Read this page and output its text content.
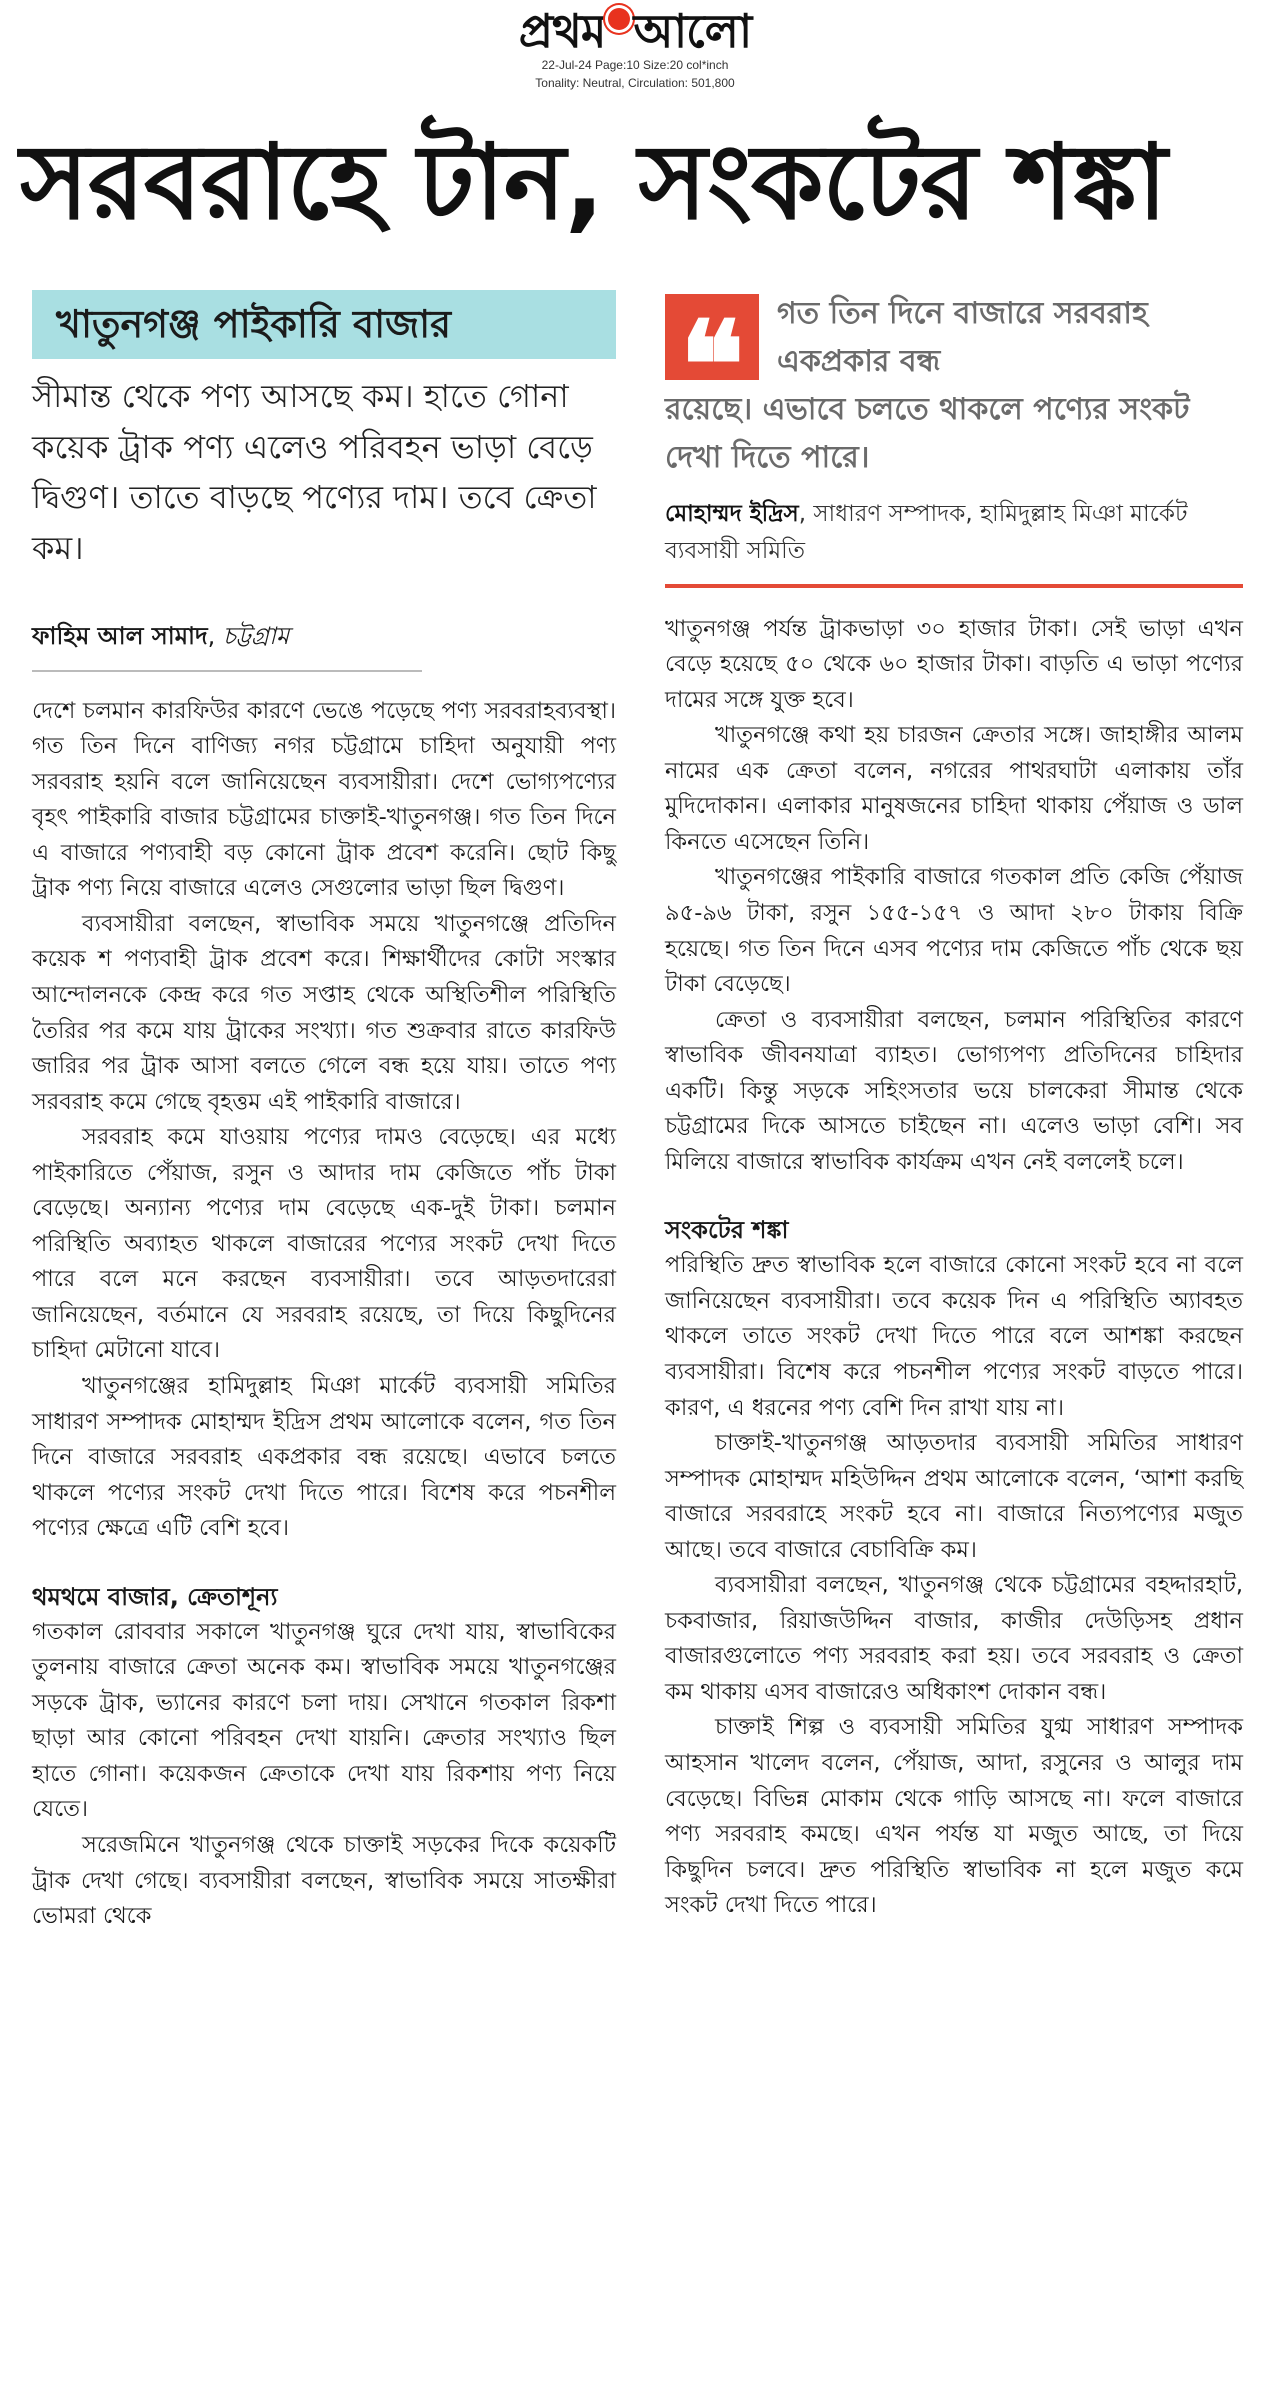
প্রথম আলো
22-Jul-24 Page:10 Size:20 col*inch
Tonality: Neutral, Circulation: 501,800
সরবরাহে টান, সংকটের শঙ্কা
খাতুনগঞ্জ পাইকারি বাজার
সীমান্ত থেকে পণ্য আসছে কম। হাতে গোনা কয়েক ট্রাক পণ্য এলেও পরিবহন ভাড়া বেড়ে দ্বিগুণ। তাতে বাড়ছে পণ্যের দাম। তবে ক্রেতা কম।
ফাহিম আল সামাদ, চট্টগ্রাম

দেশে চলমান কারফিউর কারণে ভেঙে পড়েছে পণ্য সরবরাহব্যবস্থা। গত তিন দিনে বাণিজ্য নগর চট্টগ্রামে চাহিদা অনুযায়ী পণ্য সরবরাহ হয়নি বলে জানিয়েছেন ব্যবসায়ীরা। দেশে ভোগ্যপণ্যের বৃহৎ পাইকারি বাজার চট্টগ্রামের চাক্তাই-খাতুনগঞ্জ। গত তিন দিনে এ বাজারে পণ্যবাহী বড় কোনো ট্রাক প্রবেশ করেনি। ছোট কিছু ট্রাক পণ্য নিয়ে বাজারে এলেও সেগুলোর ভাড়া ছিল দ্বিগুণ।

ব্যবসায়ীরা বলছেন, স্বাভাবিক সময়ে খাতুনগঞ্জে প্রতিদিন কয়েক শ পণ্যবাহী ট্রাক প্রবেশ করে। শিক্ষার্থীদের কোটা সংস্কার আন্দোলনকে কেন্দ্র করে গত সপ্তাহ থেকে অস্থিতিশীল পরিস্থিতি তৈরির পর কমে যায় ট্রাকের সংখ্যা। গত শুক্রবার রাতে কারফিউ জারির পর ট্রাক আসা বলতে গেলে বন্ধ হয়ে যায়। তাতে পণ্য সরবরাহ কমে গেছে বৃহত্তম এই পাইকারি বাজারে।

সরবরাহ কমে যাওয়ায় পণ্যের দামও বেড়েছে। এর মধ্যে পাইকারিতে পেঁয়াজ, রসুন ও আদার দাম কেজিতে পাঁচ টাকা বেড়েছে। অন্যান্য পণ্যের দাম বেড়েছে এক-দুই টাকা। চলমান পরিস্থিতি অব্যাহত থাকলে বাজারের পণ্যের সংকট দেখা দিতে পারে বলে মনে করছেন ব্যবসায়ীরা। তবে আড়তদারেরা জানিয়েছেন, বর্তমানে যে সরবরাহ রয়েছে, তা দিয়ে কিছুদিনের চাহিদা মেটানো যাবে।

খাতুনগঞ্জের হামিদুল্লাহ মিঞা মার্কেট ব্যবসায়ী সমিতির সাধারণ সম্পাদক মোহাম্মদ ইদ্রিস প্রথম আলোকে বলেন, গত তিন দিনে বাজারে সরবরাহ একপ্রকার বন্ধ রয়েছে। এভাবে চলতে থাকলে পণ্যের সংকট দেখা দিতে পারে। বিশেষ করে পচনশীল পণ্যের ক্ষেত্রে এটি বেশি হবে।

থমথমে বাজার, ক্রেতাশূন্য

গতকাল রোববার সকালে খাতুনগঞ্জ ঘুরে দেখা যায়, স্বাভাবিকের তুলনায় বাজারে ক্রেতা অনেক কম। স্বাভাবিক সময়ে খাতুনগঞ্জের সড়কে ট্রাক, ভ্যানের কারণে চলা দায়। সেখানে গতকাল রিকশা ছাড়া আর কোনো পরিবহন দেখা যায়নি। ক্রেতার সংখ্যাও ছিল হাতে গোনা। কয়েকজন ক্রেতাকে দেখা যায় রিকশায় পণ্য নিয়ে যেতে।

সরেজমিনে খাতুনগঞ্জ থেকে চাক্তাই সড়কের দিকে কয়েকটি ট্রাক দেখা গেছে। ব্যবসায়ীরা বলছেন, স্বাভাবিক সময়ে সাতক্ষীরা ভোমরা থেকে

❝	গত তিন দিনে বাজারে সরবরাহ একপ্রকার বন্ধ

রয়েছে। এভাবে চলতে থাকলে পণ্যের সংকট দেখা দিতে পারে।

মোহাম্মদ ইদ্রিস, সাধারণ সম্পাদক, হামিদুল্লাহ মিঞা মার্কেট ব্যবসায়ী সমিতি

খাতুনগঞ্জ পর্যন্ত ট্রাকভাড়া ৩০ হাজার টাকা। সেই ভাড়া এখন বেড়ে হয়েছে ৫০ থেকে ৬০ হাজার টাকা। বাড়তি এ ভাড়া পণ্যের দামের সঙ্গে যুক্ত হবে।

খাতুনগঞ্জে কথা হয় চারজন ক্রেতার সঙ্গে। জাহাঙ্গীর আলম নামের এক ক্রেতা বলেন, নগরের পাথরঘাটা এলাকায় তাঁর মুদিদোকান। এলাকার মানুষজনের চাহিদা থাকায় পেঁয়াজ ও ডাল কিনতে এসেছেন তিনি।

খাতুনগঞ্জের পাইকারি বাজারে গতকাল প্রতি কেজি পেঁয়াজ ৯৫-৯৬ টাকা, রসুন ১৫৫-১৫৭ ও আদা ২৮০ টাকায় বিক্রি হয়েছে। গত তিন দিনে এসব পণ্যের দাম কেজিতে পাঁচ থেকে ছয় টাকা বেড়েছে।

ক্রেতা ও ব্যবসায়ীরা বলছেন, চলমান পরিস্থিতির কারণে স্বাভাবিক জীবনযাত্রা ব্যাহত। ভোগ্যপণ্য প্রতিদিনের চাহিদার একটি। কিন্তু সড়কে সহিংসতার ভয়ে চালকেরা সীমান্ত থেকে চট্টগ্রামের দিকে আসতে চাইছেন না। এলেও ভাড়া বেশি। সব মিলিয়ে বাজারে স্বাভাবিক কার্যক্রম এখন নেই বললেই চলে।

সংকটের শঙ্কা

পরিস্থিতি দ্রুত স্বাভাবিক হলে বাজারে কোনো সংকট হবে না বলে জানিয়েছেন ব্যবসায়ীরা। তবে কয়েক দিন এ পরিস্থিতি অ্যাবহত থাকলে তাতে সংকট দেখা দিতে পারে বলে আশঙ্কা করছেন ব্যবসায়ীরা। বিশেষ করে পচনশীল পণ্যের সংকট বাড়তে পারে। কারণ, এ ধরনের পণ্য বেশি দিন রাখা যায় না।

চাক্তাই-খাতুনগঞ্জ আড়তদার ব্যবসায়ী সমিতির সাধারণ সম্পাদক মোহাম্মদ মহিউদ্দিন প্রথম আলোকে বলেন, ‘আশা করছি বাজারে সরবরাহে সংকট হবে না। বাজারে নিত্যপণ্যের মজুত আছে। তবে বাজারে বেচাবিক্রি কম।

ব্যবসায়ীরা বলছেন, খাতুনগঞ্জ থেকে চট্টগ্রামের বহদ্দারহাট, চকবাজার, রিয়াজউদ্দিন বাজার, কাজীর দেউড়িসহ প্রধান বাজারগুলোতে পণ্য সরবরাহ করা হয়। তবে সরবরাহ ও ক্রেতা কম থাকায় এসব বাজারেও অধিকাংশ দোকান বন্ধ।

চাক্তাই শিল্প ও ব্যবসায়ী সমিতির যুগ্ম সাধারণ সম্পাদক আহসান খালেদ বলেন, পেঁয়াজ, আদা, রসুনের ও আলুর দাম বেড়েছে। বিভিন্ন মোকাম থেকে গাড়ি আসছে না। ফলে বাজারে পণ্য সরবরাহ কমছে। এখন পর্যন্ত যা মজুত আছে, তা দিয়ে কিছুদিন চলবে। দ্রুত পরিস্থিতি স্বাভাবিক না হলে মজুত কমে সংকট দেখা দিতে পারে।
